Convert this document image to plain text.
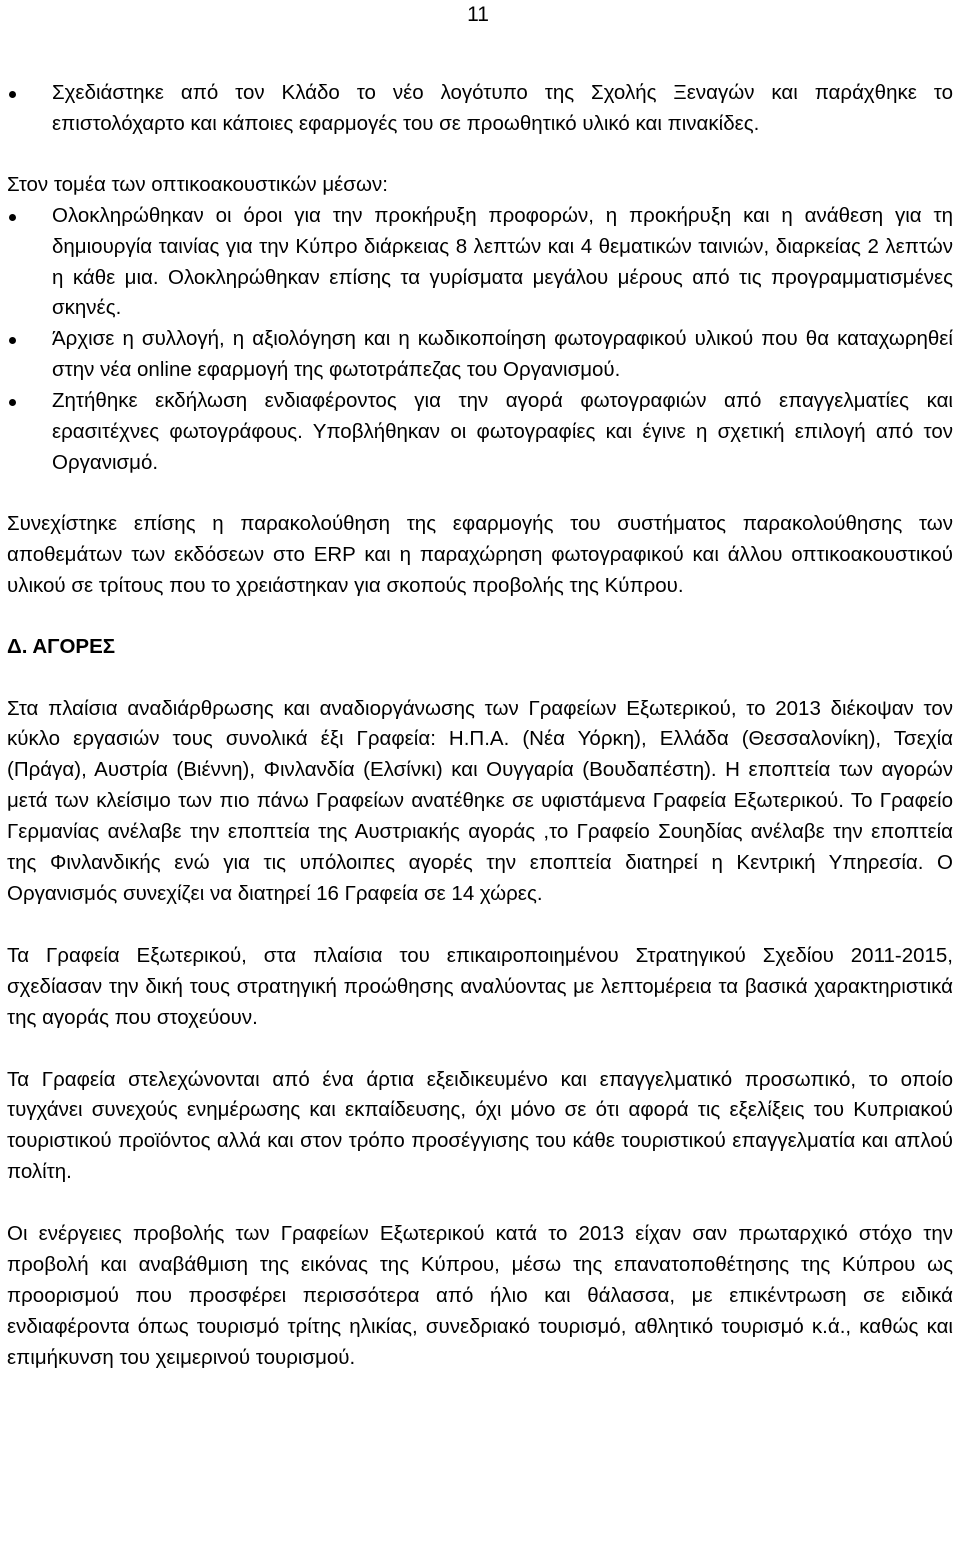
11
Σχεδιάστηκε από τον Κλάδο το νέο λογότυπο της Σχολής Ξεναγών και παράχθηκε το επιστολόχαρτο και κάποιες εφαρμογές του σε προωθητικό υλικό και πινακίδες.

Στον τομέα των οπτικοακουστικών μέσων:

Ολοκληρώθηκαν οι όροι για την προκήρυξη προφορών, η προκήρυξη και η ανάθεση για τη δημιουργία ταινίας για την Κύπρο διάρκειας 8 λεπτών και 4 θεματικών ταινιών, διαρκείας 2 λεπτών η κάθε μια. Ολοκληρώθηκαν επίσης τα γυρίσματα μεγάλου μέρους από τις προγραμματισμένες σκηνές.
Άρχισε η συλλογή, η αξιολόγηση και η κωδικοποίηση φωτογραφικού υλικού που θα καταχωρηθεί στην νέα online εφαρμογή της φωτοτράπεζας του Οργανισμού.
Ζητήθηκε εκδήλωση ενδιαφέροντος για την αγορά φωτογραφιών από επαγγελματίες και ερασιτέχνες φωτογράφους. Υποβλήθηκαν οι φωτογραφίες και έγινε η σχετική επιλογή από τον Οργανισμό.

Συνεχίστηκε επίσης η παρακολούθηση της εφαρμογής του συστήματος παρακολούθησης των αποθεμάτων των εκδόσεων στο ERP και η παραχώρηση φωτογραφικού και άλλου οπτικοακουστικού υλικού σε τρίτους που το χρειάστηκαν για σκοπούς προβολής της Κύπρου.

Δ. ΑΓΟΡΕΣ

Στα πλαίσια αναδιάρθρωσης και αναδιοργάνωσης των Γραφείων Εξωτερικού, το 2013 διέκοψαν τον κύκλο εργασιών τους συνολικά έξι Γραφεία: Η.Π.Α. (Νέα Υόρκη), Ελλάδα (Θεσσαλονίκη), Τσεχία (Πράγα), Αυστρία (Βιέννη), Φινλανδία (Ελσίνκι) και Ουγγαρία (Βουδαπέστη). Η εποπτεία των αγορών μετά των κλείσιμο των πιο πάνω Γραφείων ανατέθηκε σε υφιστάμενα Γραφεία Εξωτερικού. Το Γραφείο Γερμανίας ανέλαβε την εποπτεία της Αυστριακής αγοράς ,το Γραφείο Σουηδίας ανέλαβε την εποπτεία της Φινλανδικής ενώ για τις υπόλοιπες αγορές την εποπτεία διατηρεί η Κεντρική Υπηρεσία. Ο Οργανισμός συνεχίζει να διατηρεί 16 Γραφεία σε 14 χώρες.

Τα Γραφεία Εξωτερικού, στα πλαίσια του επικαιροποιημένου Στρατηγικού Σχεδίου 2011-2015, σχεδίασαν την δική τους στρατηγική προώθησης αναλύοντας με λεπτομέρεια τα βασικά χαρακτηριστικά της αγοράς που στοχεύουν.

Τα Γραφεία στελεχώνονται από ένα άρτια εξειδικευμένο και επαγγελματικό προσωπικό, το οποίο τυγχάνει συνεχούς ενημέρωσης και εκπαίδευσης, όχι μόνο σε ότι αφορά τις εξελίξεις του Κυπριακού τουριστικού προϊόντος αλλά και στον τρόπο προσέγγισης του κάθε τουριστικού επαγγελματία και απλού πολίτη.

Οι ενέργειες προβολής των Γραφείων Εξωτερικού κατά το 2013 είχαν σαν πρωταρχικό στόχο την προβολή και αναβάθμιση της εικόνας της Κύπρου, μέσω της επανατοποθέτησης της Κύπρου ως προορισμού που προσφέρει περισσότερα από ήλιο και θάλασσα, με επικέντρωση σε ειδικά ενδιαφέροντα όπως τουρισμό τρίτης ηλικίας, συνεδριακό τουρισμό, αθλητικό τουρισμό κ.ά., καθώς και επιμήκυνση του χειμερινού τουρισμού.
